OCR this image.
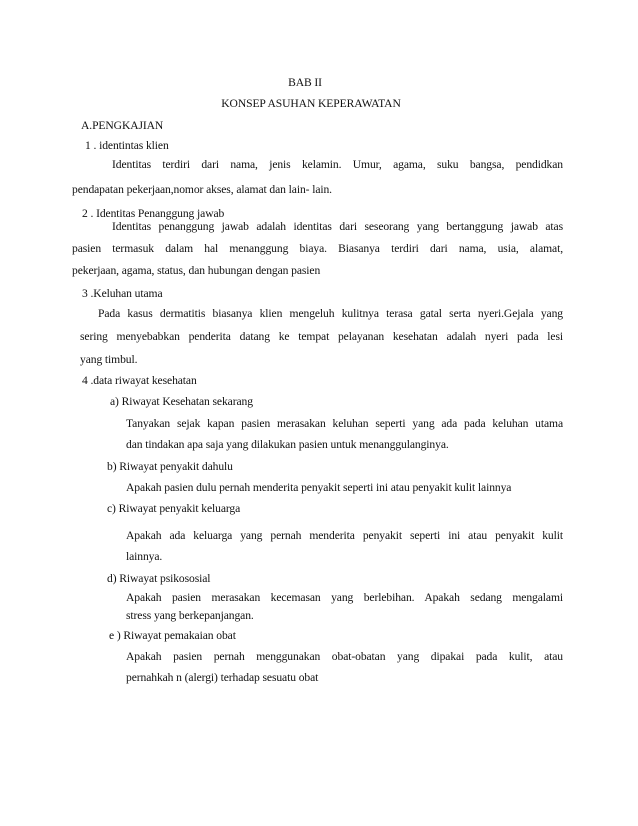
BAB II
KONSEP ASUHAN KEPERAWATAN
A.PENGKAJIAN
1 . identintas klien
Identitas terdiri dari nama, jenis kelamin. Umur, agama, suku bangsa, pendidkan
pendapatan pekerjaan,nomor akses, alamat dan lain- lain.
2 . Identitas Penanggung jawab
Identitas penanggung jawab adalah identitas dari seseorang yang bertanggung jawab atas
pasien termasuk dalam hal menanggung biaya. Biasanya terdiri dari nama, usia, alamat,
pekerjaan, agama, status, dan hubungan dengan pasien
3 .Keluhan utama
Pada kasus dermatitis biasanya klien mengeluh kulitnya terasa gatal serta nyeri.Gejala yang
sering menyebabkan penderita datang ke tempat pelayanan kesehatan adalah nyeri pada lesi
yang timbul.
4 .data riwayat kesehatan
a) Riwayat Kesehatan sekarang
Tanyakan sejak kapan pasien merasakan keluhan seperti yang ada pada keluhan utama
dan tindakan apa saja yang dilakukan pasien untuk menanggulanginya.
b) Riwayat penyakit dahulu
Apakah pasien dulu pernah menderita penyakit seperti ini atau penyakit kulit lainnya
c) Riwayat penyakit keluarga
Apakah ada keluarga yang pernah menderita penyakit seperti ini atau penyakit kulit
lainnya.
d) Riwayat psikososial
Apakah pasien merasakan kecemasan yang berlebihan. Apakah sedang mengalami
stress yang berkepanjangan.
e ) Riwayat pemakaian obat
Apakah pasien pernah menggunakan obat-obatan yang dipakai pada kulit, atau
pernahkah n (alergi) terhadap sesuatu obat
